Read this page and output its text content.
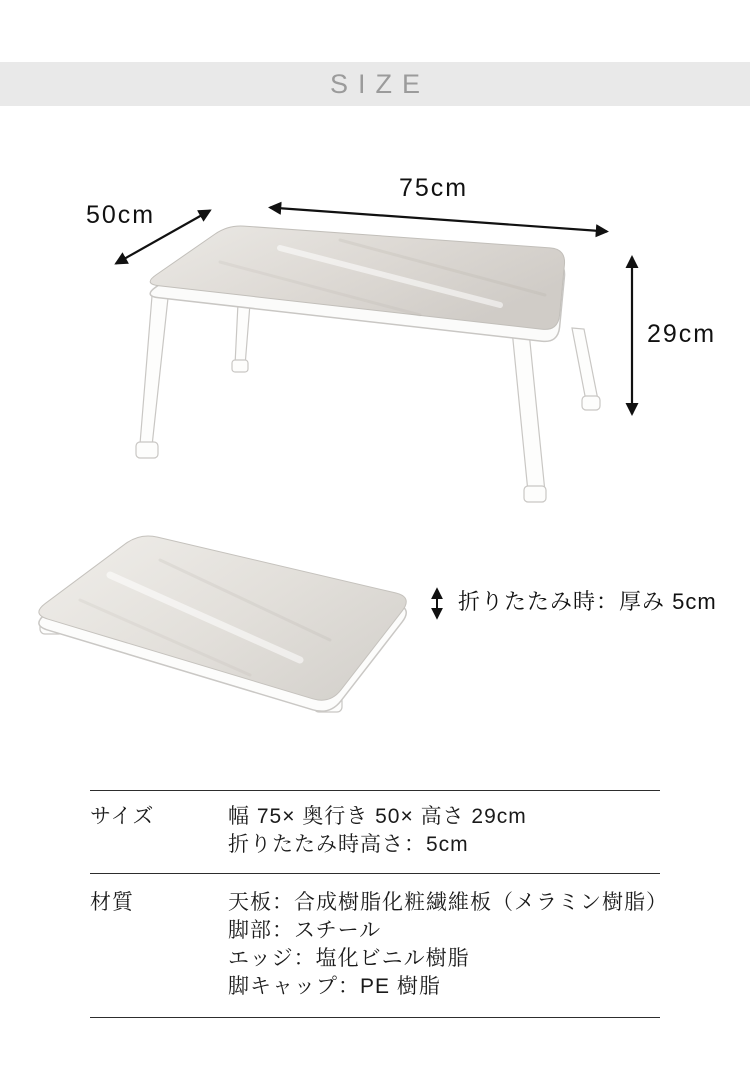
SIZE
75cm
50cm
29cm
折りたたみ時：厚み 5cm
サイズ	幅 75× 奥行き 50× 高さ 29cm
折りたたみ時高さ：5cm
材質	天板：合成樹脂化粧繊維板（メラミン樹脂）
脚部：スチール
エッジ：塩化ビニル樹脂
脚キャップ：PE 樹脂
